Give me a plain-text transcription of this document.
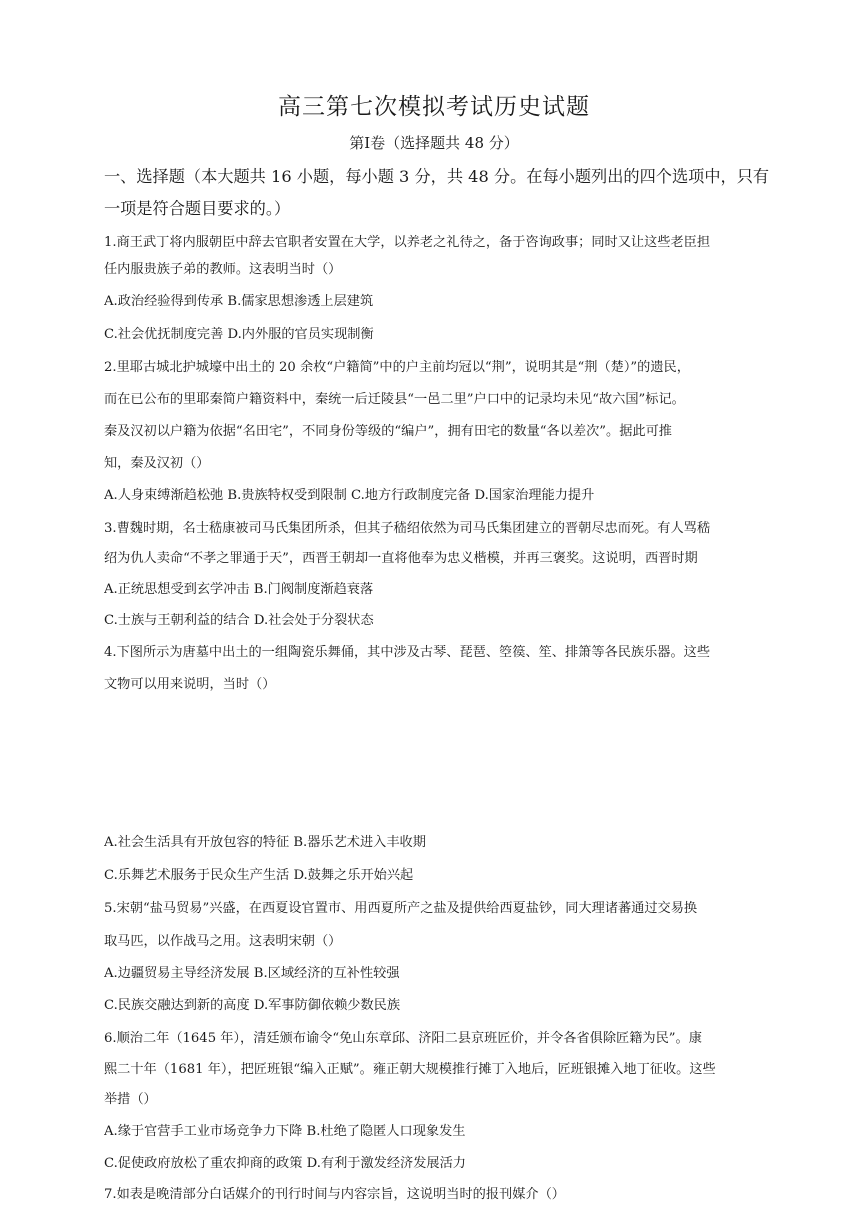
高三第七次模拟考试历史试题
第Ⅰ卷（选择题共 48 分）
一、选择题（本大题共 16 小题，每小题 3 分，共 48 分。在每小题列出的四个选项中，只有
一项是符合题目要求的。）
1.商王武丁将内服朝臣中辞去官职者安置在大学，以养老之礼待之，备于咨询政事；同时又让这些老臣担
任内服贵族子弟的教师。这表明当时（）
A.政治经验得到传承 B.儒家思想渗透上层建筑
C.社会优抚制度完善 D.内外服的官员实现制衡
2.里耶古城北护城壕中出土的 20 余枚“户籍简”中的户主前均冠以“荆”，说明其是“荆（楚）”的遗民，
而在已公布的里耶秦简户籍资料中，秦统一后迁陵县“一邑二里”户口中的记录均未见“故六国”标记。
秦及汉初以户籍为依据“名田宅”，不同身份等级的“编户”，拥有田宅的数量“各以差次”。据此可推
知，秦及汉初（）
A.人身束缚渐趋松弛 B.贵族特权受到限制 C.地方行政制度完备 D.国家治理能力提升
3.曹魏时期，名士嵇康被司马氏集团所杀，但其子嵇绍依然为司马氏集团建立的晋朝尽忠而死。有人骂嵇
绍为仇人卖命“不孝之罪通于天”，西晋王朝却一直将他奉为忠义楷模，并再三褒奖。这说明，西晋时期
A.正统思想受到玄学冲击 B.门阀制度渐趋衰落
C.士族与王朝利益的结合 D.社会处于分裂状态
4.下图所示为唐墓中出土的一组陶瓷乐舞俑，其中涉及古琴、琵琶、箜篌、笙、排箫等各民族乐器。这些
文物可以用来说明，当时（）
A.社会生活具有开放包容的特征 B.器乐艺术进入丰收期
C.乐舞艺术服务于民众生产生活 D.鼓舞之乐开始兴起
5.宋朝“盐马贸易”兴盛，在西夏设官置市、用西夏所产之盐及提供给西夏盐钞，同大理诸蕃通过交易换
取马匹，以作战马之用。这表明宋朝（）
A.边疆贸易主导经济发展 B.区域经济的互补性较强
C.民族交融达到新的高度 D.军事防御依赖少数民族
6.顺治二年（1645 年），清廷颁布谕令“免山东章邱、济阳二县京班匠价，并令各省俱除匠籍为民”。康
熙二十年（1681 年），把匠班银“编入正赋”。雍正朝大规模推行摊丁入地后，匠班银摊入地丁征收。这些
举措（）
A.缘于官营手工业市场竞争力下降 B.杜绝了隐匿人口现象发生
C.促使政府放松了重农抑商的政策 D.有利于激发经济发展活力
7.如表是晚清部分白话媒介的刊行时间与内容宗旨，这说明当时的报刊媒介（）
